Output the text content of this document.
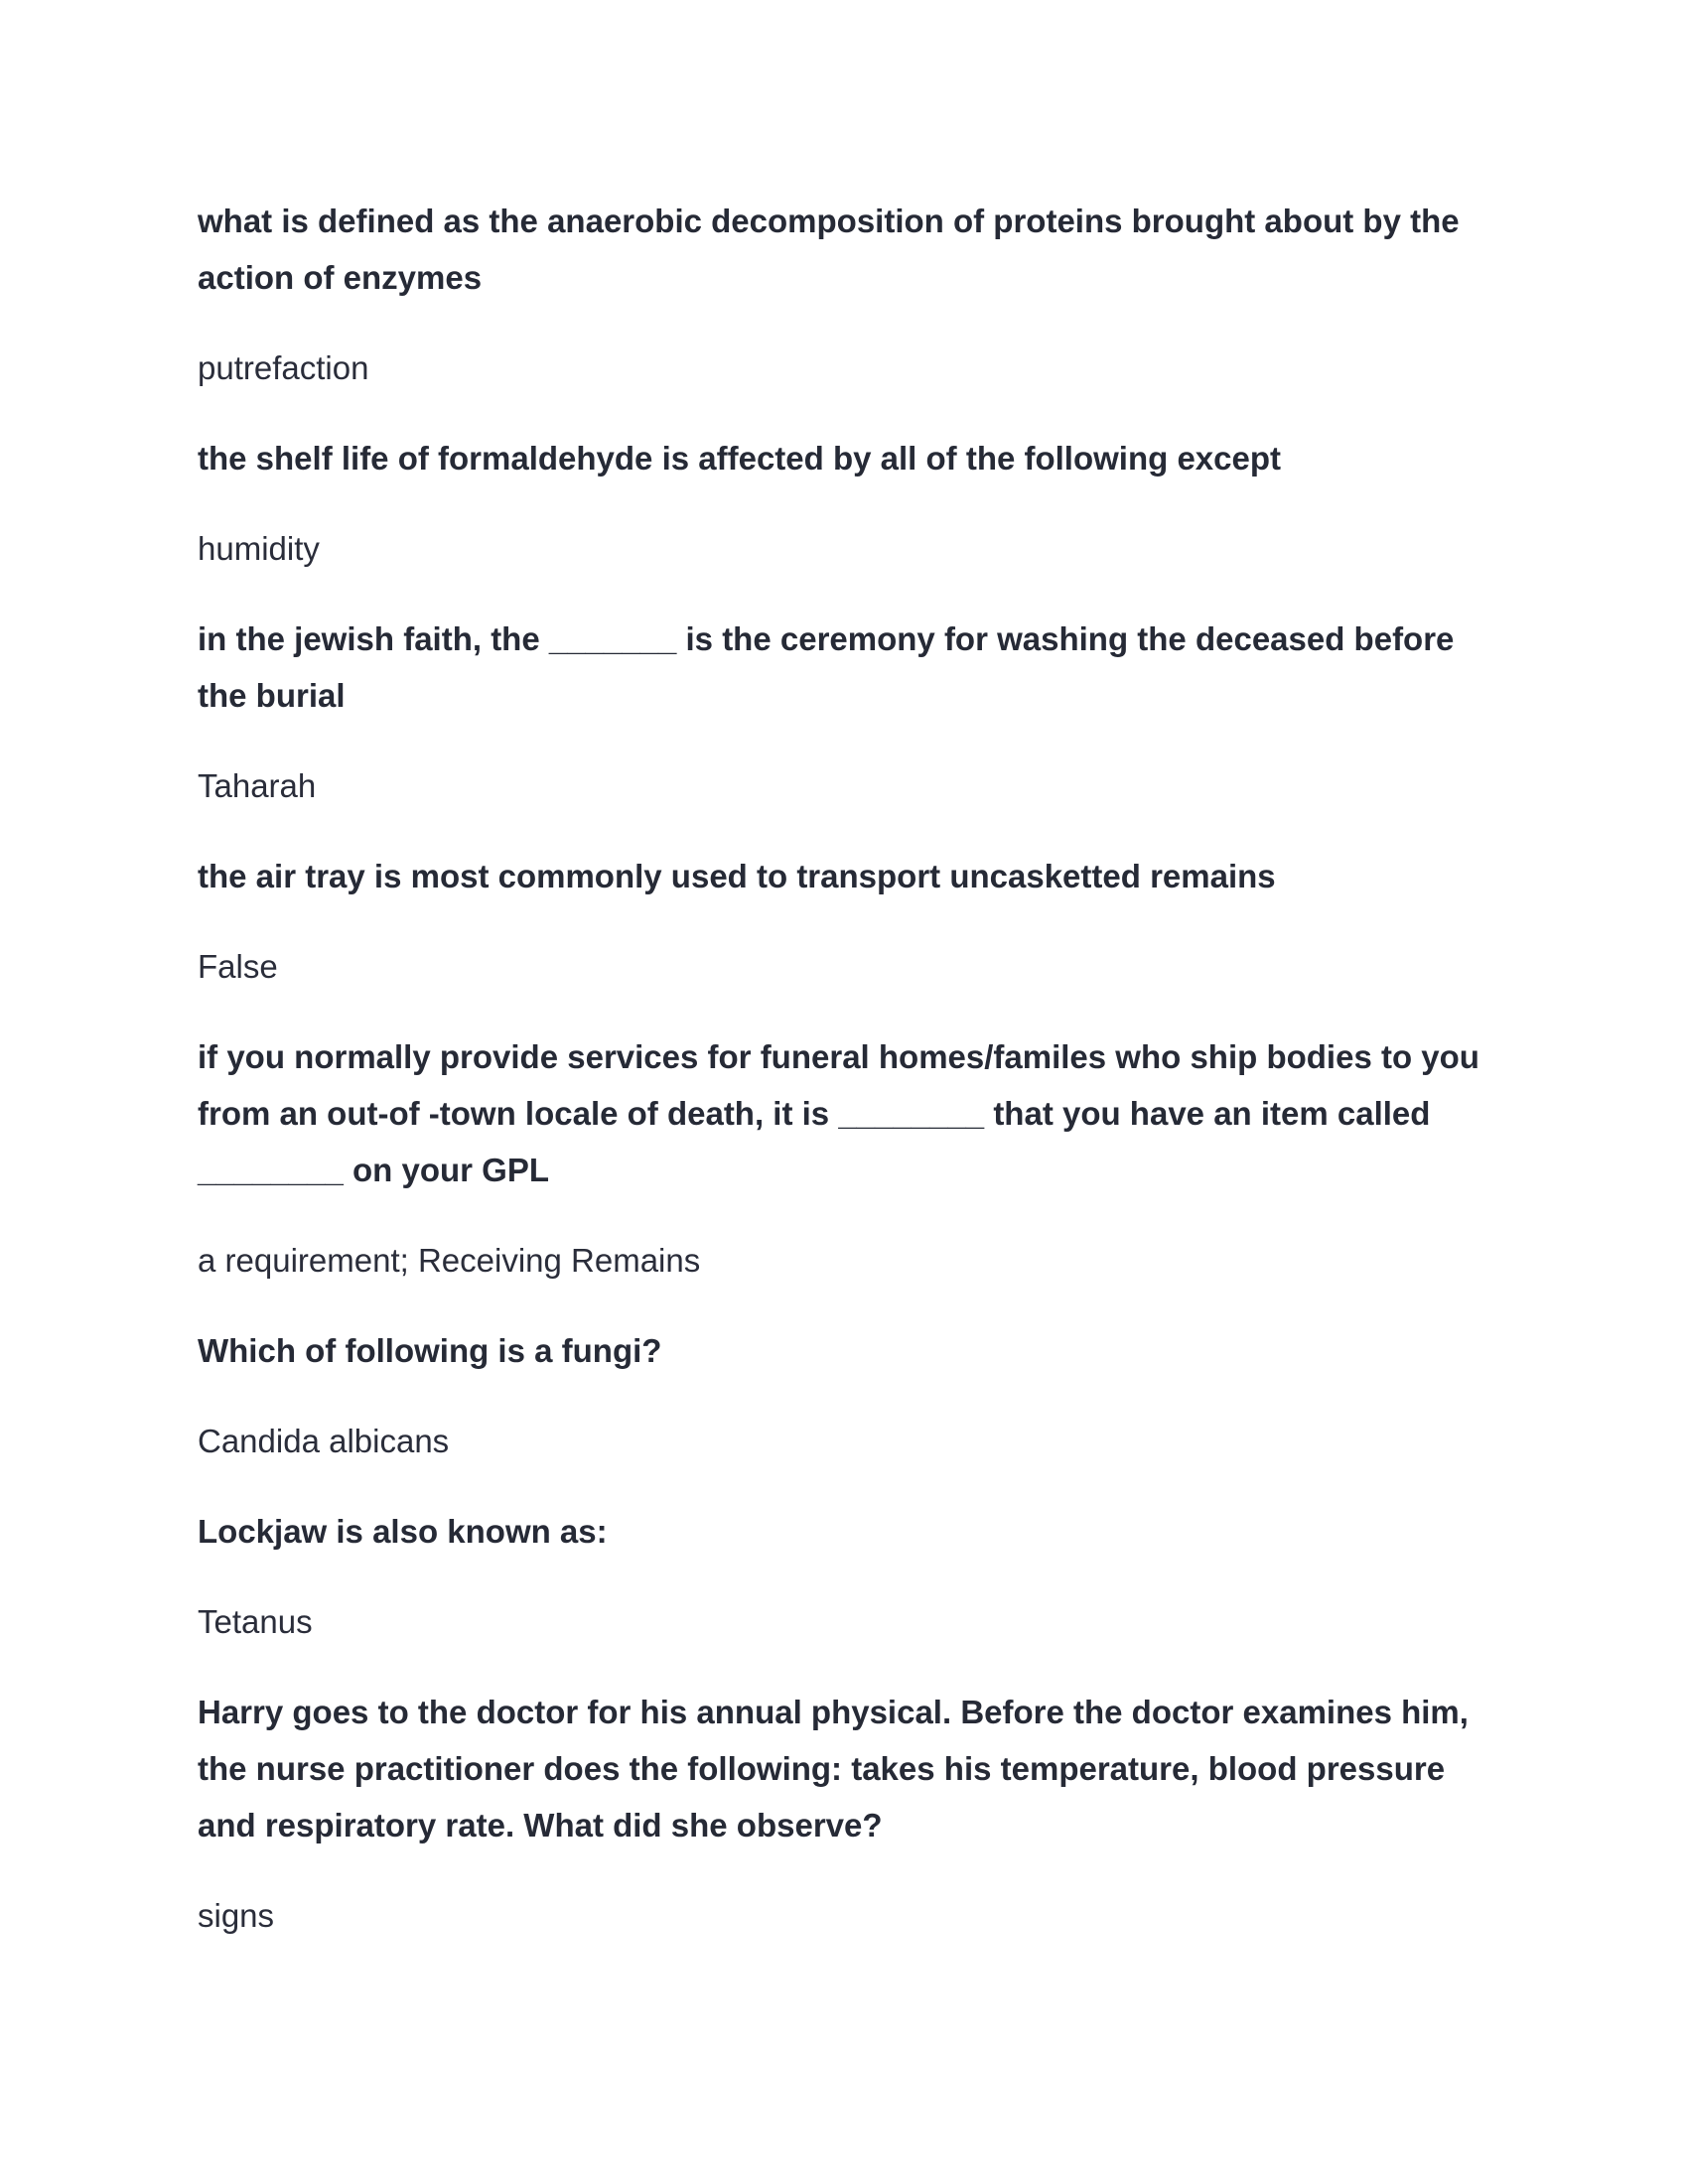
what is defined as the anaerobic decomposition of proteins brought about by the action of enzymes

putrefaction

the shelf life of formaldehyde is affected by all of the following except

humidity

in the jewish faith, the _______ is the ceremony for washing the deceased before the burial

Taharah

the air tray is most commonly used to transport uncasketted remains

False

if you normally provide services for funeral homes/familes who ship bodies to you from an out-of -town locale of death, it is ________ that you have an item called ________ on your GPL

a requirement; Receiving Remains

Which of following is a fungi?

Candida albicans

Lockjaw is also known as:

Tetanus

Harry goes to the doctor for his annual physical. Before the doctor examines him, the nurse practitioner does the following: takes his temperature, blood pressure and respiratory rate. What did she observe?

signs
